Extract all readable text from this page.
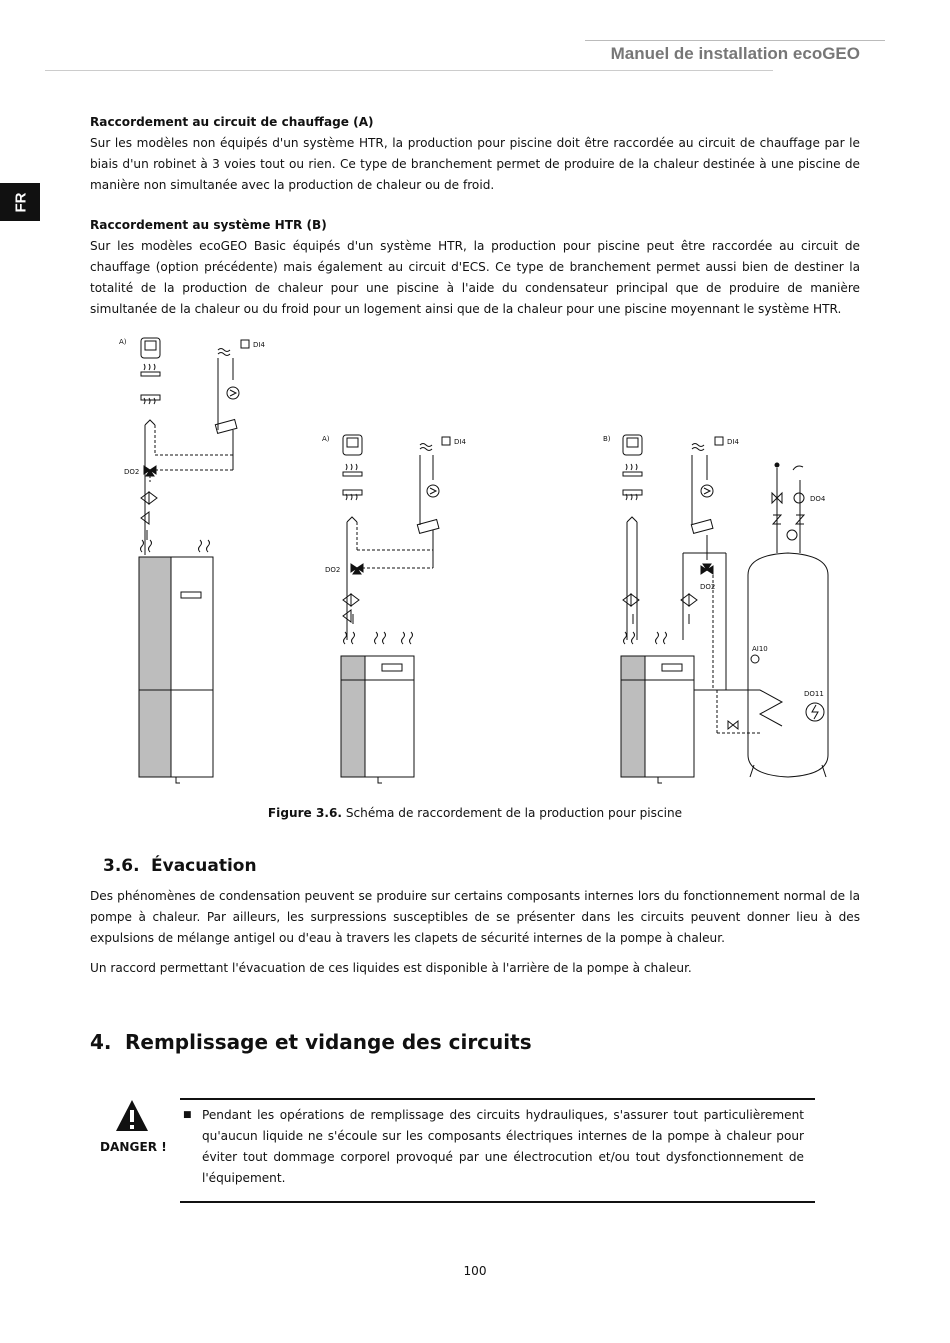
Manuel de installation ecoGEO
FR

Raccordement au circuit de chauffage (A)

Sur les modèles non équipés d'un système HTR, la production pour piscine doit être raccordée au circuit de chauffage par le biais d'un robinet à 3 voies tout ou rien. Ce type de branchement permet de produire de la chaleur destinée à une piscine de manière non simultanée avec la production de chaleur ou de froid.

Raccordement au système HTR (B)

Sur les modèles ecoGEO Basic équipés d'un système HTR, la production pour piscine peut être raccordée au circuit de chauffage (option précédente) mais également au circuit d'ECS. Ce type de branchement permet aussi bien de destiner la totalité de la production de chaleur pour une piscine à l'aide du condensateur principal que de produire de manière simultanée de la chaleur ou du froid pour un logement ainsi que de la chaleur pour une piscine moyennant le système HTR.

A)
DO2
DI4
A)
DO2
DI4	B)	DI4
DO2
AI10
DO11
DO4
Figure 3.6. Schéma de raccordement de la production pour piscine
3.6. Évacuation

Des phénomènes de condensation peuvent se produire sur certains composants internes lors du fonctionnement normal de la pompe à chaleur. Par ailleurs, les surpressions susceptibles de se présenter dans les circuits peuvent donner lieu à des expulsions de mélange antigel ou d'eau à travers les clapets de sécurité internes de la pompe à chaleur.

Un raccord permettant l'évacuation de ces liquides est disponible à l'arrière de la pompe à chaleur.

4. Remplissage et vidange des circuits
DANGER !
■ Pendant les opérations de remplissage des circuits hydrauliques, s'assurer tout particulièrement qu'aucun liquide ne s'écoule sur les composants électriques internes de la pompe à chaleur pour éviter tout dommage corporel provoqué par une électrocution et/ou tout dysfonctionnement de l'équipement.
100
